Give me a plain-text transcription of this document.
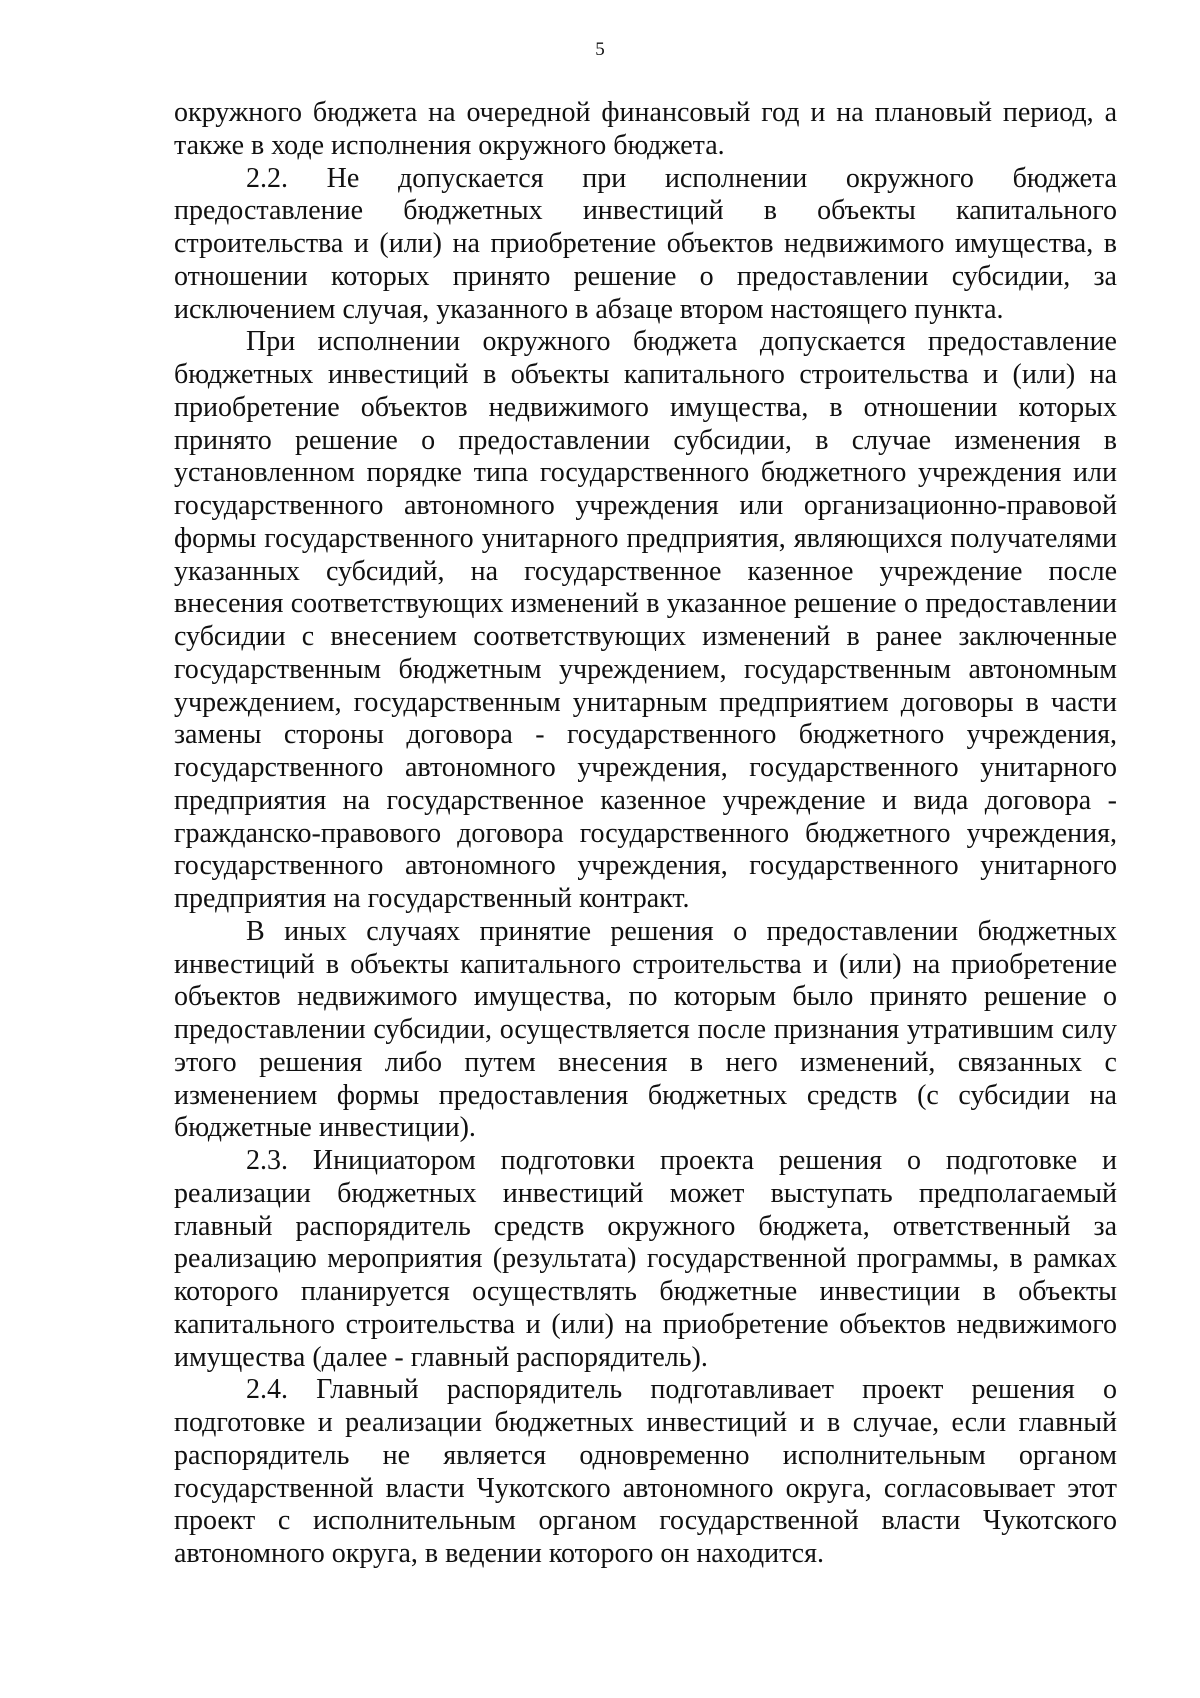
5

окружного бюджета на очередной финансовый год и на плановый период, а также в ходе исполнения окружного бюджета.

2.2. Не допускается при исполнении окружного бюджета предоставление бюджетных инвестиций в объекты капитального строительства и (или) на приобретение объектов недвижимого имущества, в отношении которых принято решение о предоставлении субсидии, за исключением случая, указанного в абзаце втором настоящего пункта.

При исполнении окружного бюджета допускается предоставление бюджетных инвестиций в объекты капитального строительства и (или) на приобретение объектов недвижимого имущества, в отношении которых принято решение о предоставлении субсидии, в случае изменения в установленном порядке типа государственного бюджетного учреждения или государственного автономного учреждения или организационно-правовой формы государственного унитарного предприятия, являющихся получателями указанных субсидий, на государственное казенное учреждение после внесения соответствующих изменений в указанное решение о предоставлении субсидии с внесением соответствующих изменений в ранее заключенные государственным бюджетным учреждением, государственным автономным учреждением, государственным унитарным предприятием договоры в части замены стороны договора - государственного бюджетного учреждения, государственного автономного учреждения, государственного унитарного предприятия на государственное казенное учреждение и вида договора - гражданско-правового договора государственного бюджетного учреждения, государственного автономного учреждения, государственного унитарного предприятия на государственный контракт.

В иных случаях принятие решения о предоставлении бюджетных инвестиций в объекты капитального строительства и (или) на приобретение объектов недвижимого имущества, по которым было принято решение о предоставлении субсидии, осуществляется после признания утратившим силу этого решения либо путем внесения в него изменений, связанных с изменением формы предоставления бюджетных средств (с субсидии на бюджетные инвестиции).

2.3. Инициатором подготовки проекта решения о подготовке и реализации бюджетных инвестиций может выступать предполагаемый главный распорядитель средств окружного бюджета, ответственный за реализацию мероприятия (результата) государственной программы, в рамках которого планируется осуществлять бюджетные инвестиции в объекты капитального строительства и (или) на приобретение объектов недвижимого имущества (далее - главный распорядитель).

2.4. Главный распорядитель подготавливает проект решения о подготовке и реализации бюджетных инвестиций и в случае, если главный распорядитель не является одновременно исполнительным органом государственной власти Чукотского автономного округа, согласовывает этот проект с исполнительным органом государственной власти Чукотского автономного округа, в ведении которого он находится.
